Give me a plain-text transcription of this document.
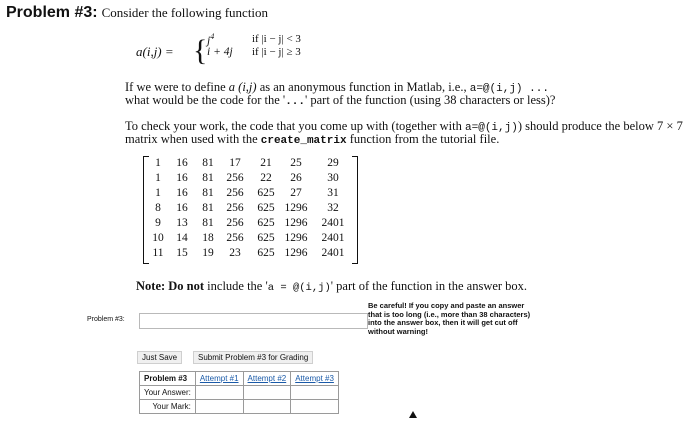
Problem #3: Consider the following function
a(i,j) = { $j^4$	if |i − j| < 3
i + 4j if |i − j| ≥ 3
If we were to define a (i,j) as an anonymous function in Matlab, i.e., a=@(i,j) ...
what would be the code for the '...' part of the function (using 38 characters or less)?
To check your work, the code that you come up with (together with a=@(i,j)) should produce the below 7 × 7
matrix when used with the create_matrix function from the tutorial file.
1	16	81	17	21	25	29
1	16	81	256	22	26	30
1	16	81	256	625	27	31
8	16	81	256	625 1296	32
9	13	81	256	625 1296	2401
10	14	18	256	625 1296	2401
11	15	19	23	625 1296	2401
Note: Do not include the 'a = @(i,j)' part of the function in the answer box.
Problem #3:
Be careful! If you copy and paste an answer
that is too long (i.e., more than 38 characters)
into the answer box, then it will get cut off
without warning!
Just Save	Submit Problem #3 for Grading
Problem #3	Attempt #1	Attempt #2	Attempt #3
Your Answer:			
Your Mark:			
